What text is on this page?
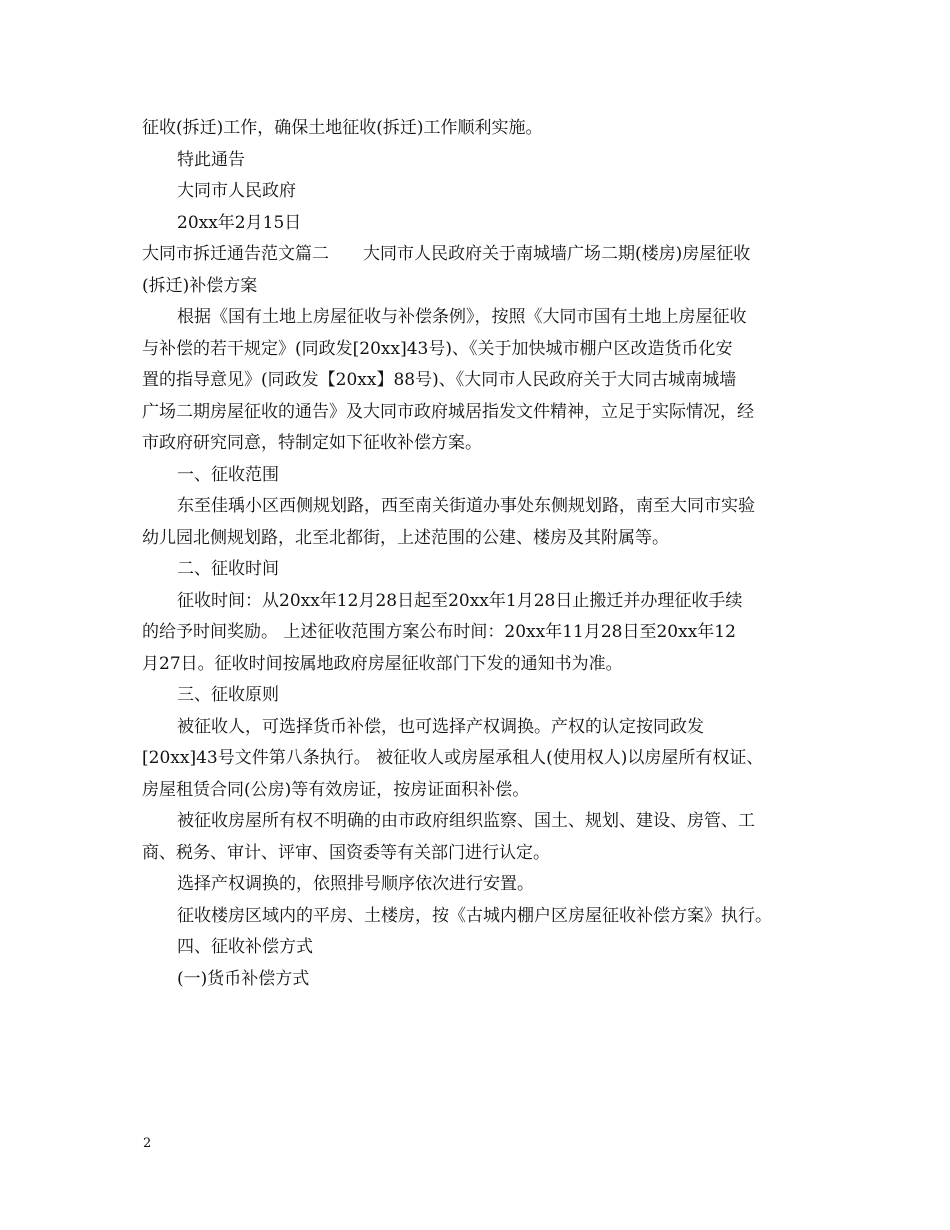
征收(拆迁)工作，确保土地征收(拆迁)工作顺利实施。
特此通告
大同市人民政府
20xx年2月15日
大同市拆迁通告范文篇二　　大同市人民政府关于南城墙广场二期(楼房)房屋征收
(拆迁)补偿方案
根据《国有土地上房屋征收与补偿条例》，按照《大同市国有土地上房屋征收
与补偿的若干规定》(同政发[20xx]43号)、《关于加快城市棚户区改造货币化安
置的指导意见》(同政发【20xx】88号)、《大同市人民政府关于大同古城南城墙
广场二期房屋征收的通告》及大同市政府城居指发文件精神，立足于实际情况，经
市政府研究同意，特制定如下征收补偿方案。
一、征收范围
东至佳瑀小区西侧规划路，西至南关街道办事处东侧规划路，南至大同市实验
幼儿园北侧规划路，北至北都街，上述范围的公建、楼房及其附属等。
二、征收时间
征收时间：从20xx年12月28日起至20xx年1月28日止搬迁并办理征收手续
的给予时间奖励。 上述征收范围方案公布时间：20xx年11月28日至20xx年12
月27日。征收时间按属地政府房屋征收部门下发的通知书为准。
三、征收原则
被征收人，可选择货币补偿，也可选择产权调换。产权的认定按同政发
[20xx]43号文件第八条执行。 被征收人或房屋承租人(使用权人)以房屋所有权证、
房屋租赁合同(公房)等有效房证，按房证面积补偿。
被征收房屋所有权不明确的由市政府组织监察、国土、规划、建设、房管、工
商、税务、审计、评审、国资委等有关部门进行认定。
选择产权调换的，依照排号顺序依次进行安置。
征收楼房区域内的平房、土楼房，按《古城内棚户区房屋征收补偿方案》执行。
四、征收补偿方式
(一)货币补偿方式
2
